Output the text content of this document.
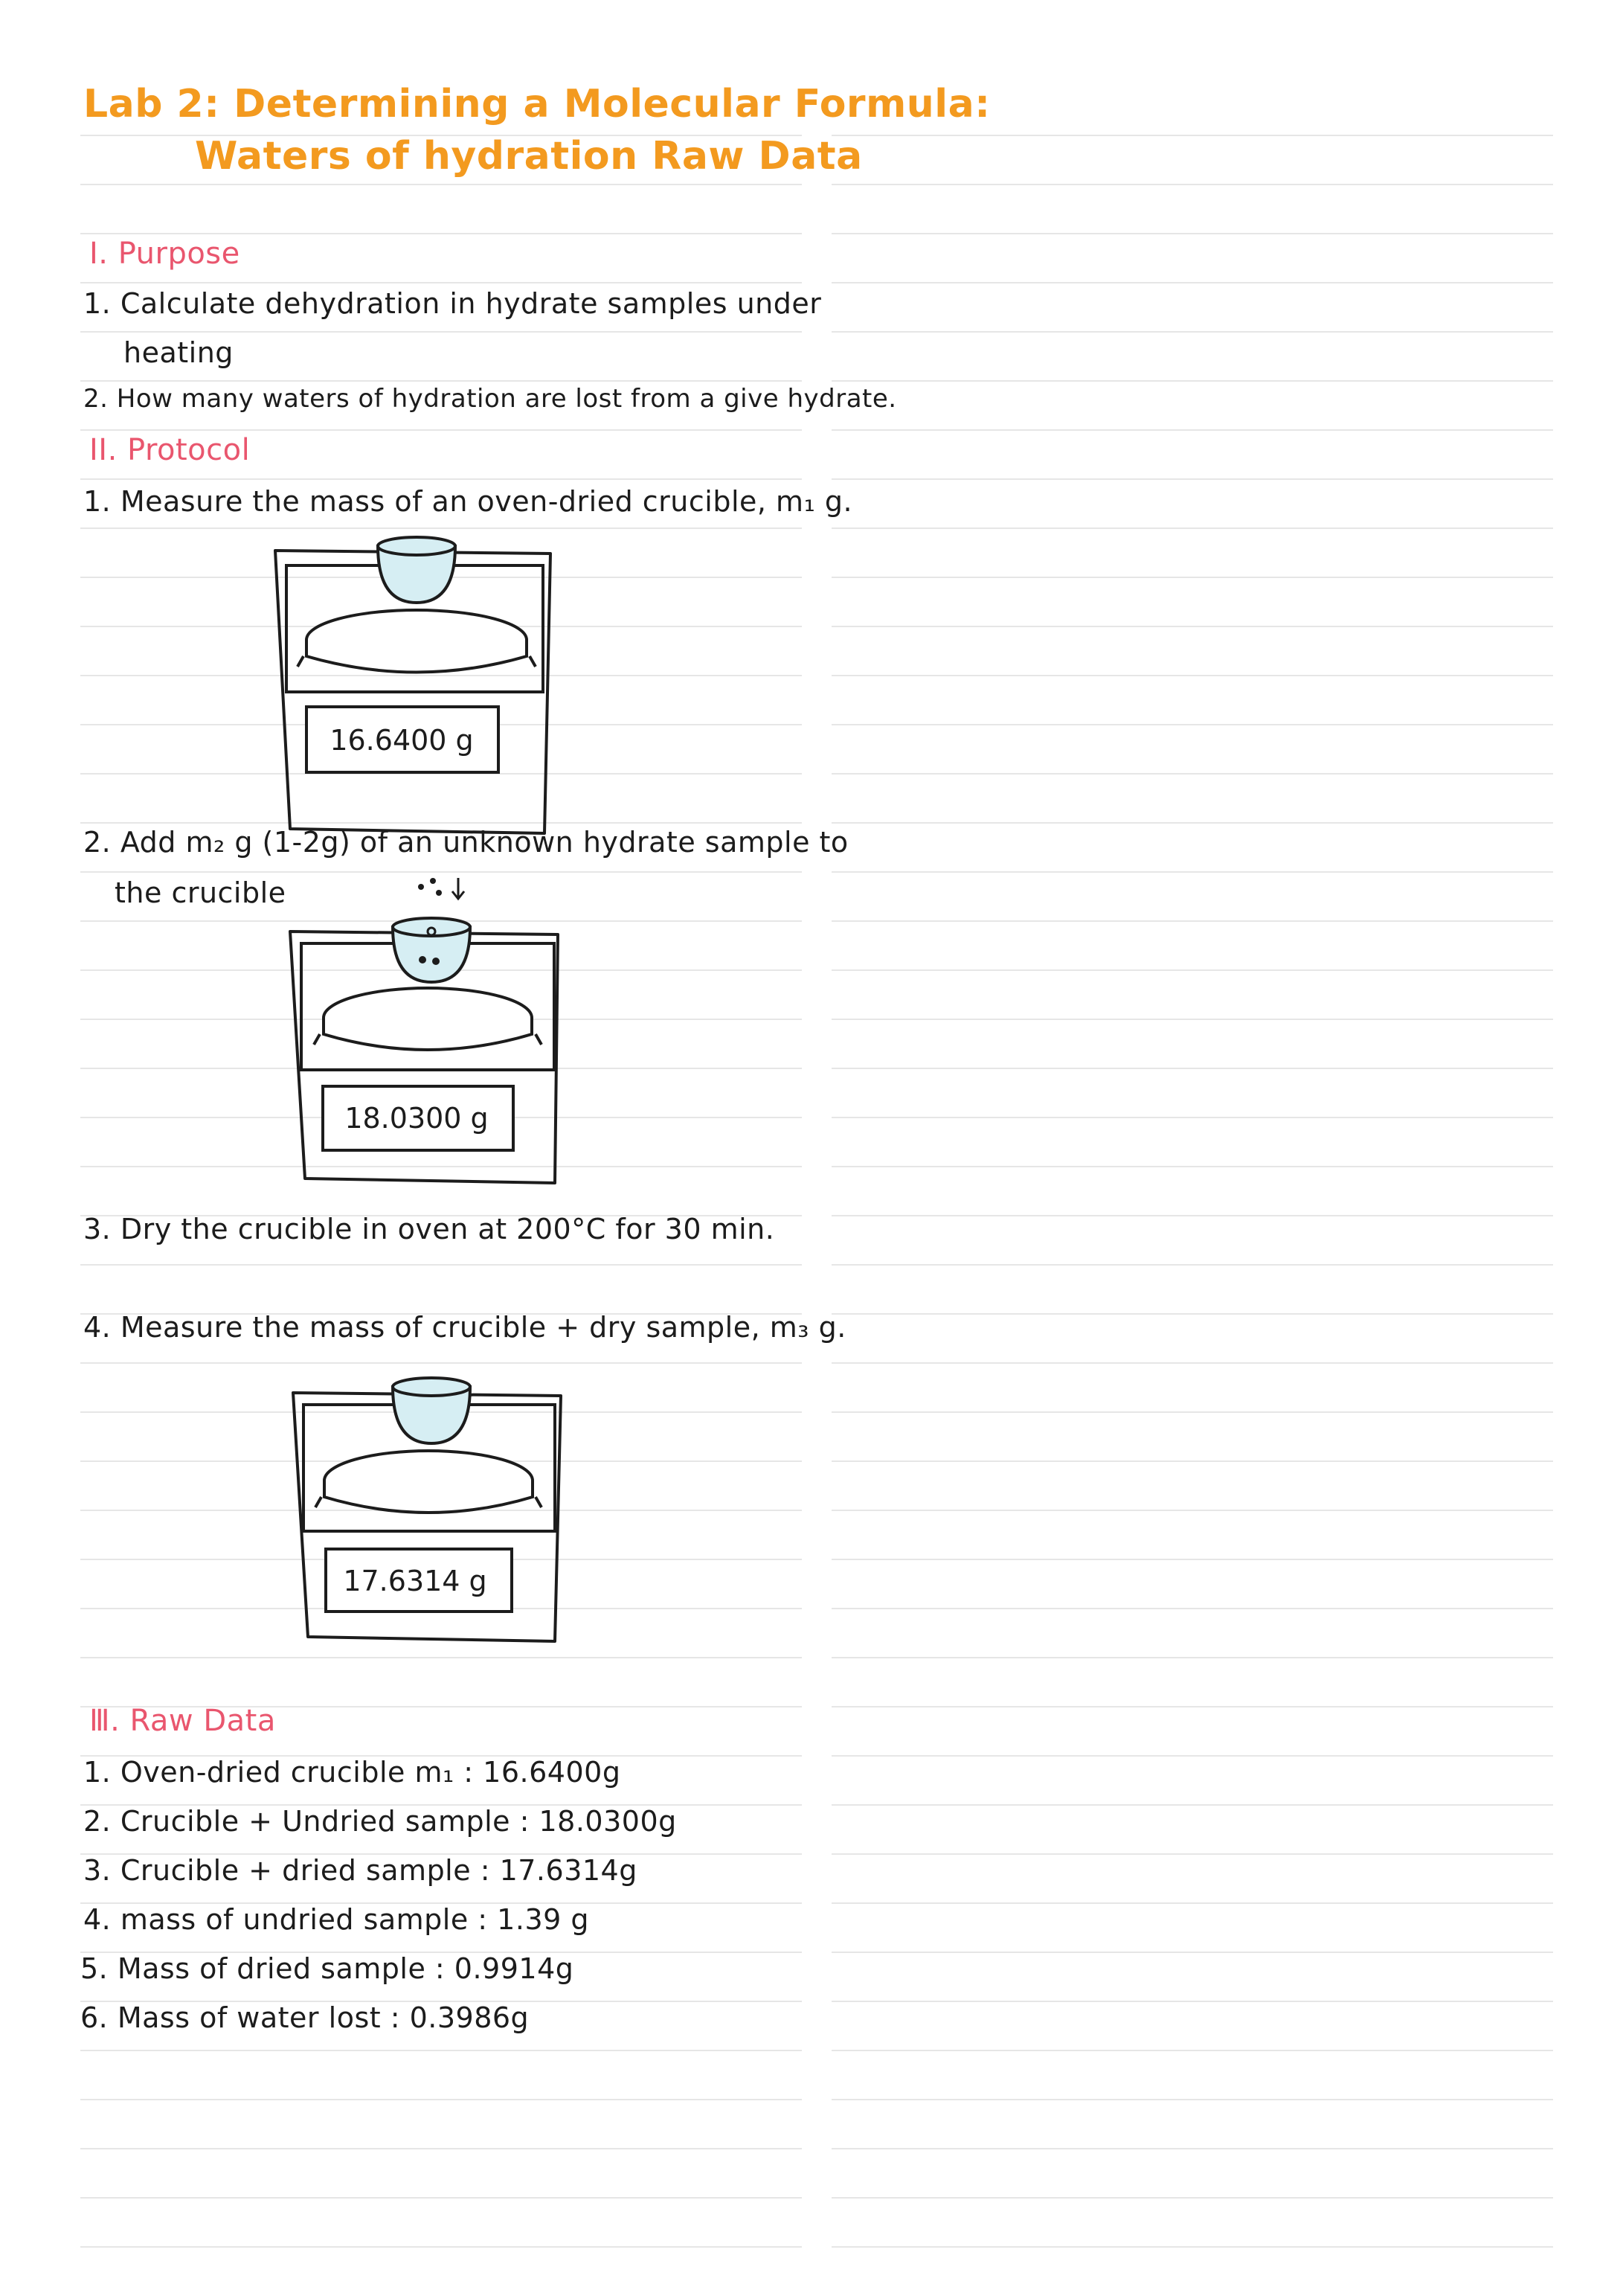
Lab 2: Determining a Molecular Formula:
Waters of hydration Raw Data
I. Purpose
1. Calculate dehydration in hydrate samples under
heating
2. How many waters of hydration are lost from a give hydrate.
II. Protocol
1. Measure the mass of an oven-dried crucible, m₁ g.
16.6400 g
2. Add m₂ g (1-2g) of an unknown hydrate sample to
the crucible
18.0300 g
3. Dry the crucible in oven at 200°C for 30 min.
4. Measure the mass of crucible + dry sample, m₃ g.
17.6314 g
Ⅲ. Raw Data
1. Oven-dried crucible m₁ : 16.6400g
2. Crucible + Undried sample : 18.0300g
3. Crucible + dried sample : 17.6314g
4. mass of undried sample : 1.39 g
5. Mass of dried sample : 0.9914g
6. Mass of water lost : 0.3986g
